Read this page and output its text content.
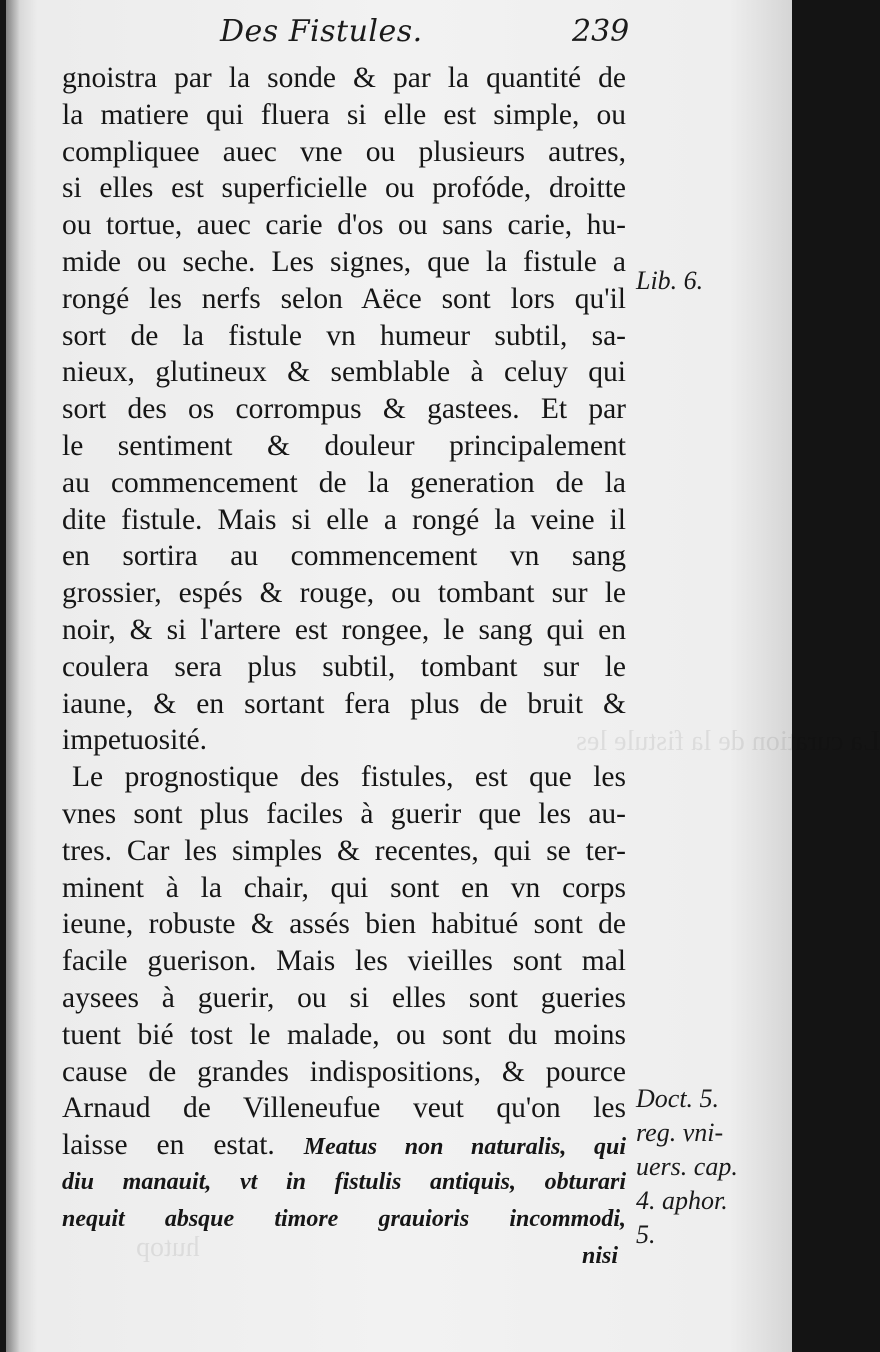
Des Fistules.	239
La curation de la fistule les
hutop
gnoistra par la sonde & par la quantité de
la matiere qui fluera si elle est simple, ou
compliquee auec vne ou plusieurs autres,
si elles est superficielle ou profóde, droitte
ou tortue, auec carie d'os ou sans carie, hu-
mide ou seche. Les signes, que la fistule a
rongé les nerfs selon Aëce sont lors qu'il
sort de la fistule vn humeur subtil, sa-
nieux, glutineux & semblable à celuy qui
sort des os corrompus & gastees. Et par
le sentiment & douleur principalement
au commencement de la generation de la
dite fistule. Mais si elle a rongé la veine il
en sortira au commencement vn sang
grossier, espés & rouge, ou tombant sur le
noir, & si l'artere est rongee, le sang qui en
coulera sera plus subtil, tombant sur le
iaune, & en sortant fera plus de bruit &
impetuosité.
Le prognostique des fistules, est que les
vnes sont plus faciles à guerir que les au-
tres. Car les simples & recentes, qui se ter-
minent à la chair, qui sont en vn corps
ieune, robuste & assés bien habitué sont de
facile guerison. Mais les vieilles sont mal
aysees à guerir, ou si elles sont gueries
tuent bié tost le malade, ou sont du moins
cause de grandes indispositions, & pource
Arnaud de Villeneufue veut qu'on les
laisse en estat. Meatus non naturalis, qui
diu manauit, vt in fistulis antiquis, obturari
nequit absque timore grauioris incommodi,
nisi
Lib. 6.
Doct. 5.
reg. vni-
uers. cap.
4. aphor.
5.
